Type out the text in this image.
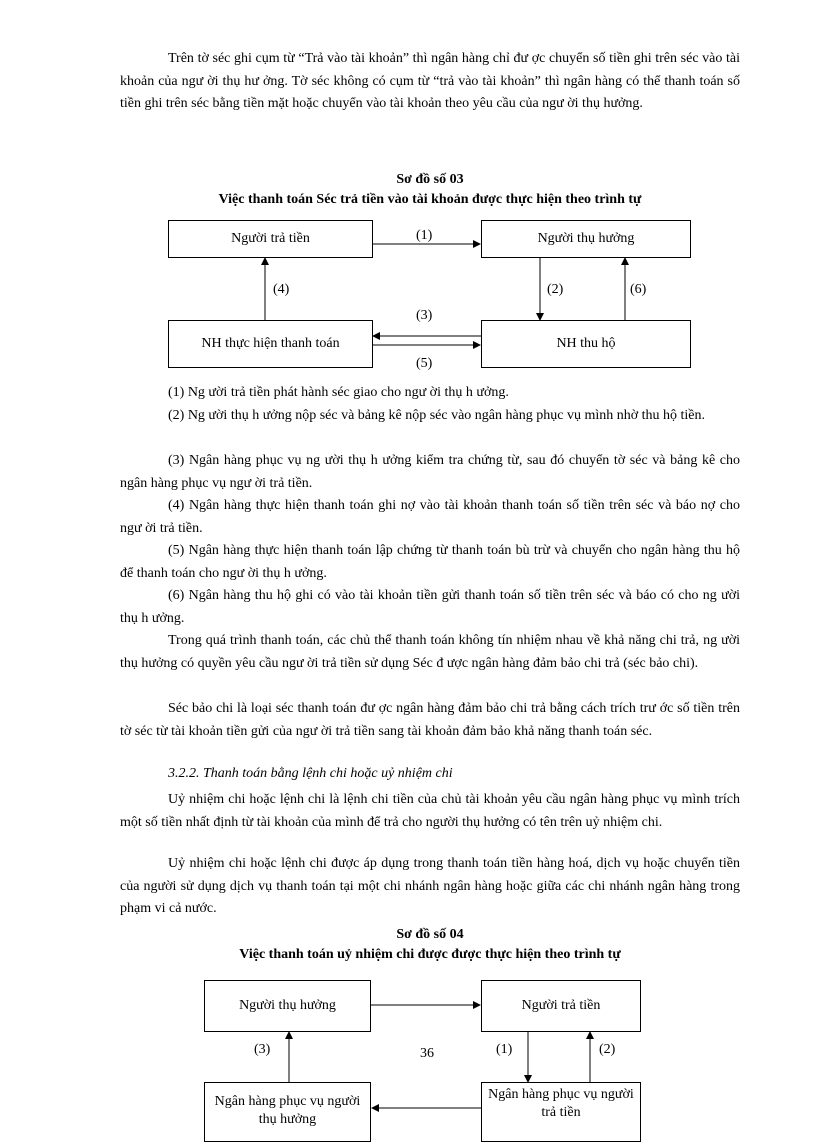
Trên tờ séc ghi cụm từ “Trả vào tài khoản” thì ngân hàng chỉ đư ợc chuyển số tiền ghi trên séc vào tài khoản của ngư ời thụ hư ởng. Tờ séc không có cụm từ “trả vào tài khoản” thì ngân hàng có thể thanh toán số tiền ghi trên séc bằng tiền mặt hoặc chuyển vào tài khoản theo yêu cầu của ngư ời thụ hưởng.

Sơ đồ số 03

Việc thanh toán Séc trả tiền vào tài khoản được thực hiện theo trình tự

Người trả tiền	Người thụ hưởng
NH thực hiện thanh toán	NH thu hộ
(1)
(2)
(3)
(4)
(5)
(6)

(1) Ng ười trả tiền phát hành séc giao cho ngư ời thụ h ưởng.

(2) Ng ười thụ h ưởng nộp séc và bảng kê nộp séc vào ngân hàng phục vụ mình nhờ thu hộ tiền.

(3) Ngân hàng phục vụ ng ười thụ h ưởng kiểm tra chứng từ, sau đó chuyển tờ séc và bảng kê cho ngân hàng phục vụ ngư ời trả tiền.

(4) Ngân hàng thực hiện thanh toán ghi nợ vào tài khoản thanh toán số tiền trên séc và báo nợ cho ngư ời trả tiền.

(5) Ngân hàng thực hiện thanh toán lập chứng từ thanh toán bù trừ và chuyển cho ngân hàng thu hộ để thanh toán cho ngư ời thụ h ưởng.

(6) Ngân hàng thu hộ ghi có vào tài khoản tiền gửi thanh toán số tiền trên séc và báo có cho ng ười thụ h ưởng.

Trong quá trình thanh toán, các chủ thể thanh toán không tín nhiệm nhau về khả năng chi trả, ng ười thụ hưởng có quyền yêu cầu ngư ời trả tiền sử dụng Séc đ ược ngân hàng đảm bảo chi trả (séc bảo chi).

Séc bảo chi là loại séc thanh toán đư ợc ngân hàng đảm bảo chi trả bằng cách trích trư ớc số tiền trên tờ séc từ tài khoản tiền gửi của ngư ời trả tiền sang tài khoản đảm bảo khả năng thanh toán séc.

3.2.2. Thanh toán bằng lệnh chi hoặc uỷ nhiệm chi

Uỷ nhiệm chi hoặc lệnh chi là lệnh chi tiền của chủ tài khoản yêu cầu ngân hàng phục vụ mình trích một số tiền nhất định từ tài khoản của mình để trả cho người thụ hưởng có tên trên uỷ nhiệm chi.

Uỷ nhiệm chi hoặc lệnh chi được áp dụng trong thanh toán tiền hàng hoá, dịch vụ hoặc chuyển tiền của người sử dụng dịch vụ thanh toán tại một chi nhánh ngân hàng hoặc giữa các chi nhánh ngân hàng trong phạm vi cả nước.

Sơ đồ số 04

Việc thanh toán uỷ nhiệm chi được được thực hiện theo trình tự

Người thụ hưởng	Người trả tiền
Ngân hàng phục vụ người thụ hưởng
Ngân hàng phục vụ người trả tiền
(1)	(2)
(3)	36
